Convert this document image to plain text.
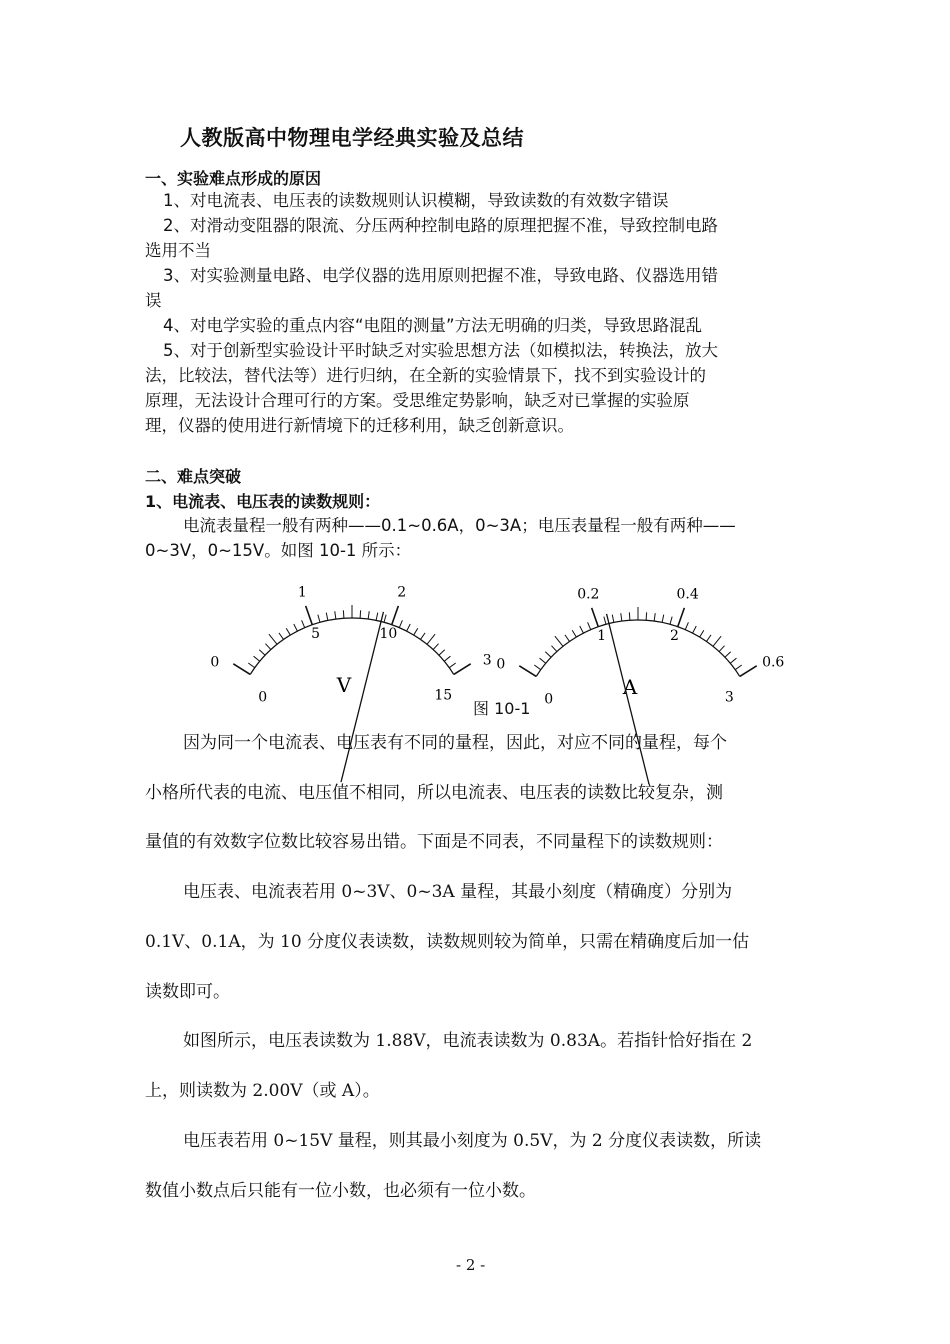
人教版高中物理电学经典实验及总结
一、实验难点形成的原因
1、对电流表、电压表的读数规则认识模糊，导致读数的有效数字错误
2、对滑动变阻器的限流、分压两种控制电路的原理把握不准，导致控制电路
选用不当
3、对实验测量电路、电学仪器的选用原则把握不准，导致电路、仪器选用错
误
4、对电学实验的重点内容“电阻的测量”方法无明确的归类，导致思路混乱
5、对于创新型实验设计平时缺乏对实验思想方法（如模拟法，转换法，放大
法，比较法，替代法等）进行归纳，在全新的实验情景下，找不到实验设计的
原理，无法设计合理可行的方案。受思维定势影响，缺乏对已掌握的实验原
理，仪器的使用进行新情境下的迁移利用，缺乏创新意识。
二、难点突破
1、电流表、电压表的读数规则：
电流表量程一般有两种——0.1~0.6A，0~3A；电压表量程一般有两种——
0~3V，0~15V。如图 10-1 所示：
0
1	2
3
0
5	10
15
V
0
0.2	0.4
0.6
0
1	2
3
A
图 10-1
因为同一个电流表、电压表有不同的量程，因此，对应不同的量程，每个
小格所代表的电流、电压值不相同，所以电流表、电压表的读数比较复杂，测
量值的有效数字位数比较容易出错。下面是不同表，不同量程下的读数规则：
电压表、电流表若用 0~3V、0~3A 量程，其最小刻度（精确度）分别为
0.1V、0.1A，为 10 分度仪表读数，读数规则较为简单，只需在精确度后加一估
读数即可。
如图所示，电压表读数为 1.88V，电流表读数为 0.83A。若指针恰好指在 2
上，则读数为 2.00V（或 A）。
电压表若用 0~15V 量程，则其最小刻度为 0.5V，为 2 分度仪表读数，所读
数值小数点后只能有一位小数，也必须有一位小数。
- 2 -
